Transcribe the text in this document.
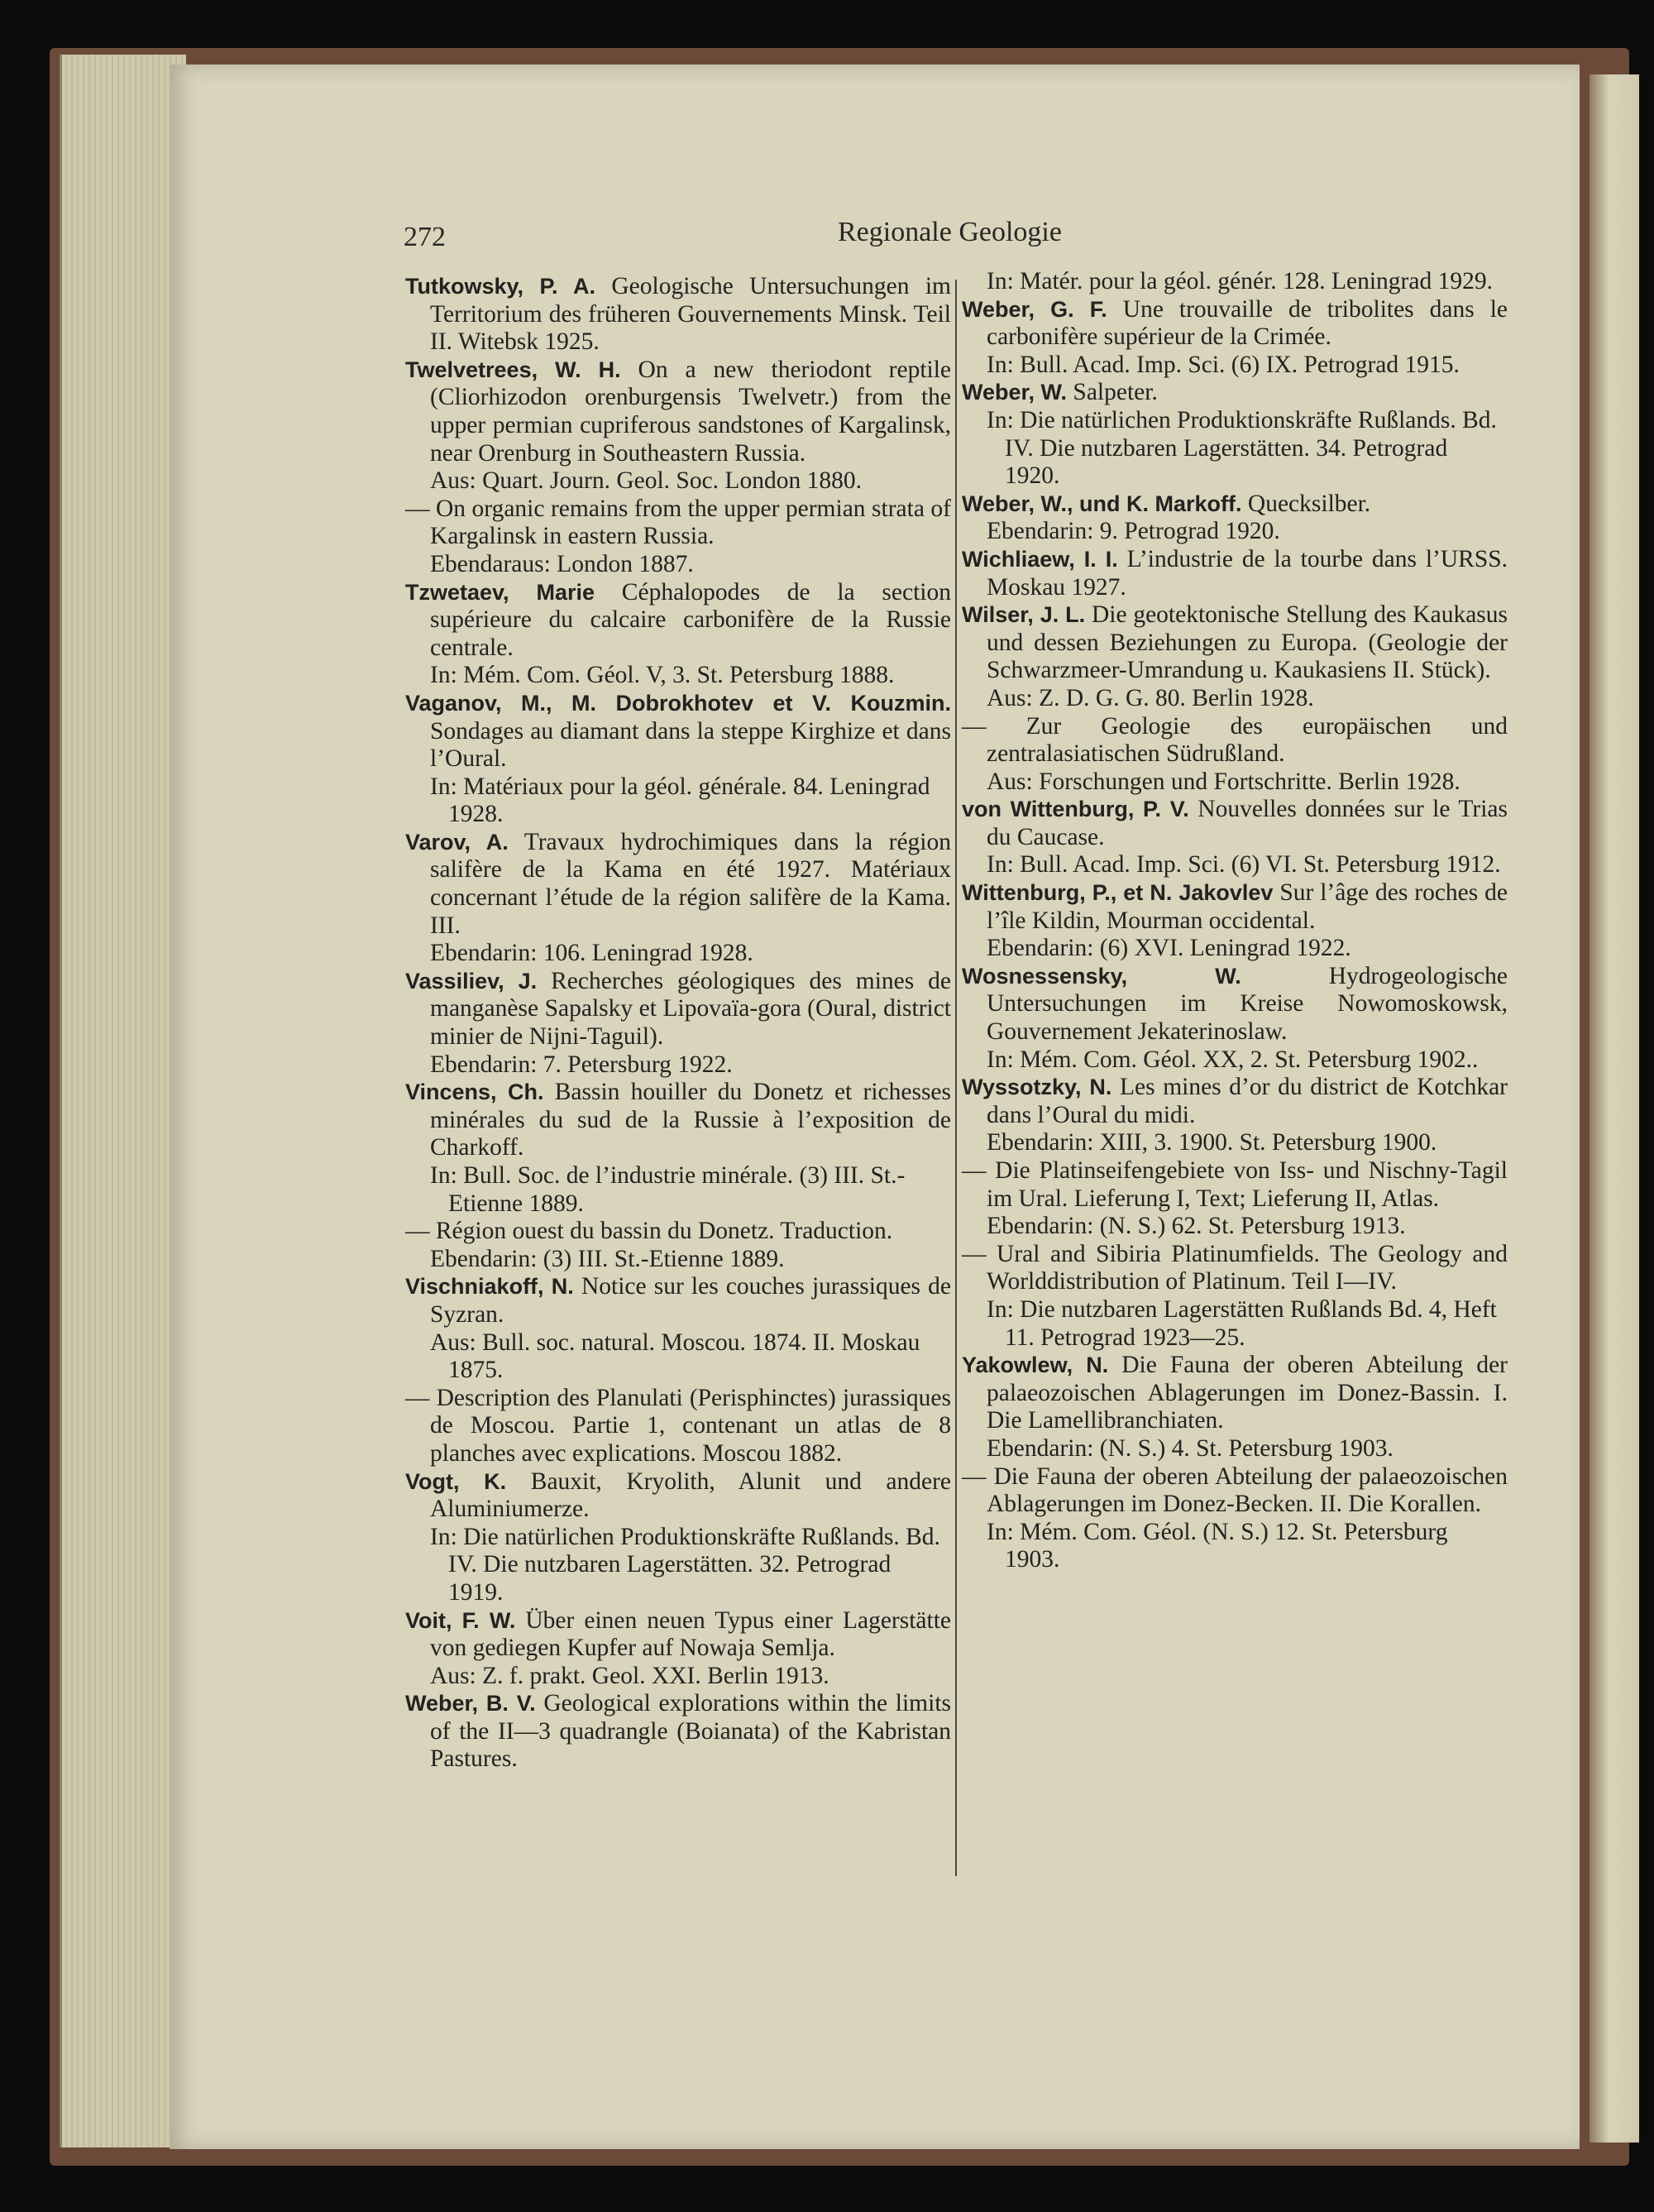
272	Regionale Geologie

Tutkowsky, P. A. Geologische Untersuchungen im Territorium des früheren Gouvernements Minsk. Teil II. Witebsk 1925.

Twelvetrees, W. H. On a new theriodont reptile (Cliorhizodon orenburgensis Twelvetr.) from the upper permian cupriferous sandstones of Kargalinsk, near Orenburg in Southeastern Russia.

Aus: Quart. Journ. Geol. Soc. London 1880.

— On organic remains from the upper permian strata of Kargalinsk in eastern Russia.

Ebendaraus: London 1887.

Tzwetaev, Marie Céphalopodes de la section supérieure du calcaire carbonifère de la Russie centrale.

In: Mém. Com. Géol. V, 3. St. Petersburg 1888.

Vaganov, M., M. Dobrokhotev et V. Kouzmin. Sondages au diamant dans la steppe Kirghize et dans l’Oural.

In: Matériaux pour la géol. générale. 84. Leningrad 1928.

Varov, A. Travaux hydrochimiques dans la région salifère de la Kama en été 1927. Matériaux concernant l’étude de la région salifère de la Kama. III.

Ebendarin: 106. Leningrad 1928.

Vassiliev, J. Recherches géologiques des mines de manganèse Sapalsky et Lipovaïa-gora (Oural, district minier de Nijni-Taguil).

Ebendarin: 7. Petersburg 1922.

Vincens, Ch. Bassin houiller du Donetz et richesses minérales du sud de la Russie à l’exposition de Charkoff.

In: Bull. Soc. de l’industrie minérale. (3) III. St.-Etienne 1889.

— Région ouest du bassin du Donetz. Traduction.

Ebendarin: (3) III. St.-Etienne 1889.

Vischniakoff, N. Notice sur les couches jurassiques de Syzran.

Aus: Bull. soc. natural. Moscou. 1874. II. Moskau 1875.

— Description des Planulati (Perisphinctes) jurassiques de Moscou. Partie 1, contenant un atlas de 8 planches avec explications. Moscou 1882.

Vogt, K. Bauxit, Kryolith, Alunit und andere Aluminiumerze.

In: Die natürlichen Produktionskräfte Rußlands. Bd. IV. Die nutzbaren Lagerstätten. 32. Petrograd 1919.

Voit, F. W. Über einen neuen Typus einer Lagerstätte von gediegen Kupfer auf Nowaja Semlja.

Aus: Z. f. prakt. Geol. XXI. Berlin 1913.

Weber, B. V. Geological explorations within the limits of the II—3 quadrangle (Boianata) of the Kabristan Pastures.

In: Matér. pour la géol. génér. 128. Leningrad 1929.

Weber, G. F. Une trouvaille de tribolites dans le carbonifère supérieur de la Crimée.

In: Bull. Acad. Imp. Sci. (6) IX. Petrograd 1915.

Weber, W. Salpeter.

In: Die natürlichen Produktionskräfte Rußlands. Bd. IV. Die nutzbaren Lagerstätten. 34. Petrograd 1920.

Weber, W., und K. Markoff. Quecksilber.

Ebendarin: 9. Petrograd 1920.

Wichliaew, I. I. L’industrie de la tourbe dans l’URSS. Moskau 1927.

Wilser, J. L. Die geotektonische Stellung des Kaukasus und dessen Beziehungen zu Europa. (Geologie der Schwarzmeer-Umrandung u. Kaukasiens II. Stück).

Aus: Z. D. G. G. 80. Berlin 1928.

— Zur Geologie des europäischen und zentralasiatischen Südrußland.

Aus: Forschungen und Fortschritte. Berlin 1928.

von Wittenburg, P. V. Nouvelles données sur le Trias du Caucase.

In: Bull. Acad. Imp. Sci. (6) VI. St. Petersburg 1912.

Wittenburg, P., et N. Jakovlev Sur l’âge des roches de l’île Kildin, Mourman occidental.

Ebendarin: (6) XVI. Leningrad 1922.

Wosnessensky, W.	Hydrogeologische Untersuchungen im Kreise Nowomoskowsk, Gouvernement Jekaterinoslaw.

In: Mém. Com. Géol. XX, 2. St. Petersburg 1902..

Wyssotzky, N. Les mines d’or du district de Kotchkar dans l’Oural du midi.

Ebendarin: XIII, 3. 1900. St. Petersburg 1900.

— Die Platinseifengebiete von Iss- und Nischny-Tagil im Ural. Lieferung I, Text; Lieferung II, Atlas.

Ebendarin: (N. S.) 62. St. Petersburg 1913.

— Ural and Sibiria Platinumfields. The Geology and Worlddistribution of Platinum. Teil I—IV.

In: Die nutzbaren Lagerstätten Rußlands Bd. 4, Heft 11. Petrograd 1923—25.

Yakowlew, N. Die Fauna der oberen Abteilung der palaeozoischen Ablagerungen im Donez-Bassin. I. Die Lamellibranchiaten.

Ebendarin: (N. S.) 4. St. Petersburg 1903.

— Die Fauna der oberen Abteilung der palaeozoischen Ablagerungen im Donez-Becken. II. Die Korallen.

In: Mém. Com. Géol. (N. S.) 12. St. Petersburg 1903.
